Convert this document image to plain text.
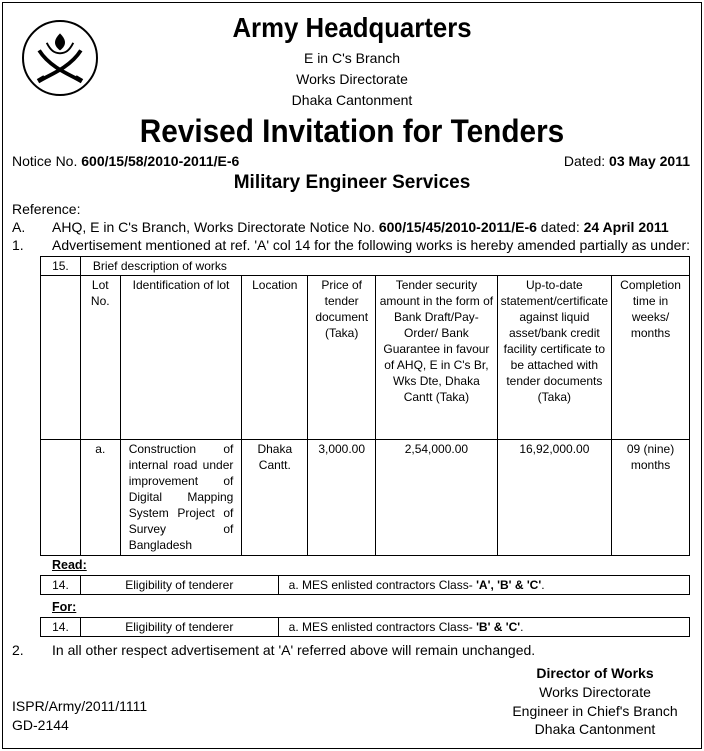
Army Headquarters
E in C's Branch
Works Directorate
Dhaka Cantonment
Revised Invitation for Tenders
Notice No. 600/15/58/2010-2011/E-6	Dated: 03 May 2011
Military Engineer Services
Reference:
A. AHQ, E in C's Branch, Works Directorate Notice No. 600/15/45/2010-2011/E-6 dated: 24 April 2011
1. Advertisement mentioned at ref. 'A' col 14 for the following works is hereby amended partially as under:
15.	Brief description of works						
	Lot No.	Identification of lot	Location	Price of tender document (Taka)	Tender security amount in the form of Bank Draft/Pay-Order/ Bank Guarantee in favour of AHQ, E in C's Br, Wks Dte, Dhaka Cantt (Taka)	Up-to-date statement/certificate against liquid asset/bank credit facility certificate to be attached with tender documents (Taka)	Completion time in weeks/ months
	a.	Construction of internal road under improvement of Digital Mapping System Project of Survey of Bangladesh	Dhaka Cantt.	3,000.00	2,54,000.00	16,92,000.00	09 (nine) months
Read:
14.	Eligibility of tenderer	a. MES enlisted contractors Class- 'A', 'B' & 'C'.
For:
14.	Eligibility of tenderer	a. MES enlisted contractors Class- 'B' & 'C'.
2. In all other respect advertisement at 'A' referred above will remain unchanged.
Director of Works
Works Directorate
Engineer in Chief's Branch
Dhaka Cantonment
ISPR/Army/2011/1111
GD-2144
